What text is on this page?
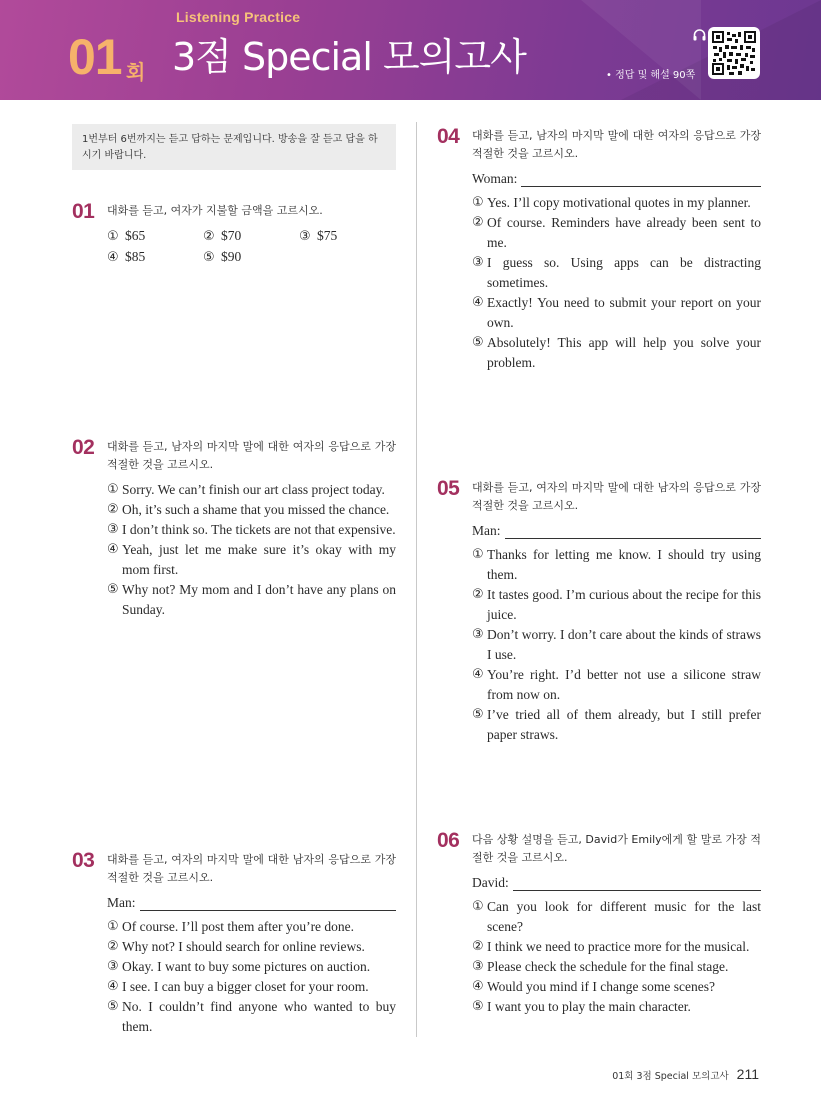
Listening Practice
01 회 3점 Special 모의고사	• 정답 및 해설 90쪽
1번부터 6번까지는 듣고 답하는 문제입니다. 방송을 잘 듣고 답을 하시기 바랍니다.
01 대화를 듣고, 여자가 지불할 금액을 고르시오.
① $65	② $70	③ $75
④ $85	⑤ $90
02 대화를 듣고, 남자의 마지막 말에 대한 여자의 응답으로 가장 적절한 것을 고르시오.
① Sorry. We can’t finish our art class project today.
② Oh, it’s such a shame that you missed the chance.
③ I don’t think so. The tickets are not that expensive.
④ Yeah, just let me make sure it’s okay with my mom first.
⑤ Why not? My mom and I don’t have any plans on Sunday.
03 대화를 듣고, 여자의 마지막 말에 대한 남자의 응답으로 가장 적절한 것을 고르시오.
Man:
① Of course. I’ll post them after you’re done.
② Why not? I should search for online reviews.
③ Okay. I want to buy some pictures on auction.
④ I see. I can buy a bigger closet for your room.
⑤ No. I couldn’t find anyone who wanted to buy them.
04 대화를 듣고, 남자의 마지막 말에 대한 여자의 응답으로 가장 적절한 것을 고르시오.
Woman:
① Yes. I’ll copy motivational quotes in my planner.
② Of course. Reminders have already been sent to me.
③ I guess so. Using apps can be distracting sometimes.
④ Exactly! You need to submit your report on your own.
⑤ Absolutely! This app will help you solve your problem.
05 대화를 듣고, 여자의 마지막 말에 대한 남자의 응답으로 가장 적절한 것을 고르시오.
Man:
① Thanks for letting me know. I should try using them.
② It tastes good. I’m curious about the recipe for this juice.
③ Don’t worry. I don’t care about the kinds of straws I use.
④ You’re right. I’d better not use a silicone straw from now on.
⑤ I’ve tried all of them already, but I still prefer paper straws.
06 다음 상황 설명을 듣고, David가 Emily에게 할 말로 가장 적절한 것을 고르시오.
David:
① Can you look for different music for the last scene?
② I think we need to practice more for the musical.
③ Please check the schedule for the final stage.
④ Would you mind if I change some scenes?
⑤ I want you to play the main character.
01회 3점 Special 모의고사 211
